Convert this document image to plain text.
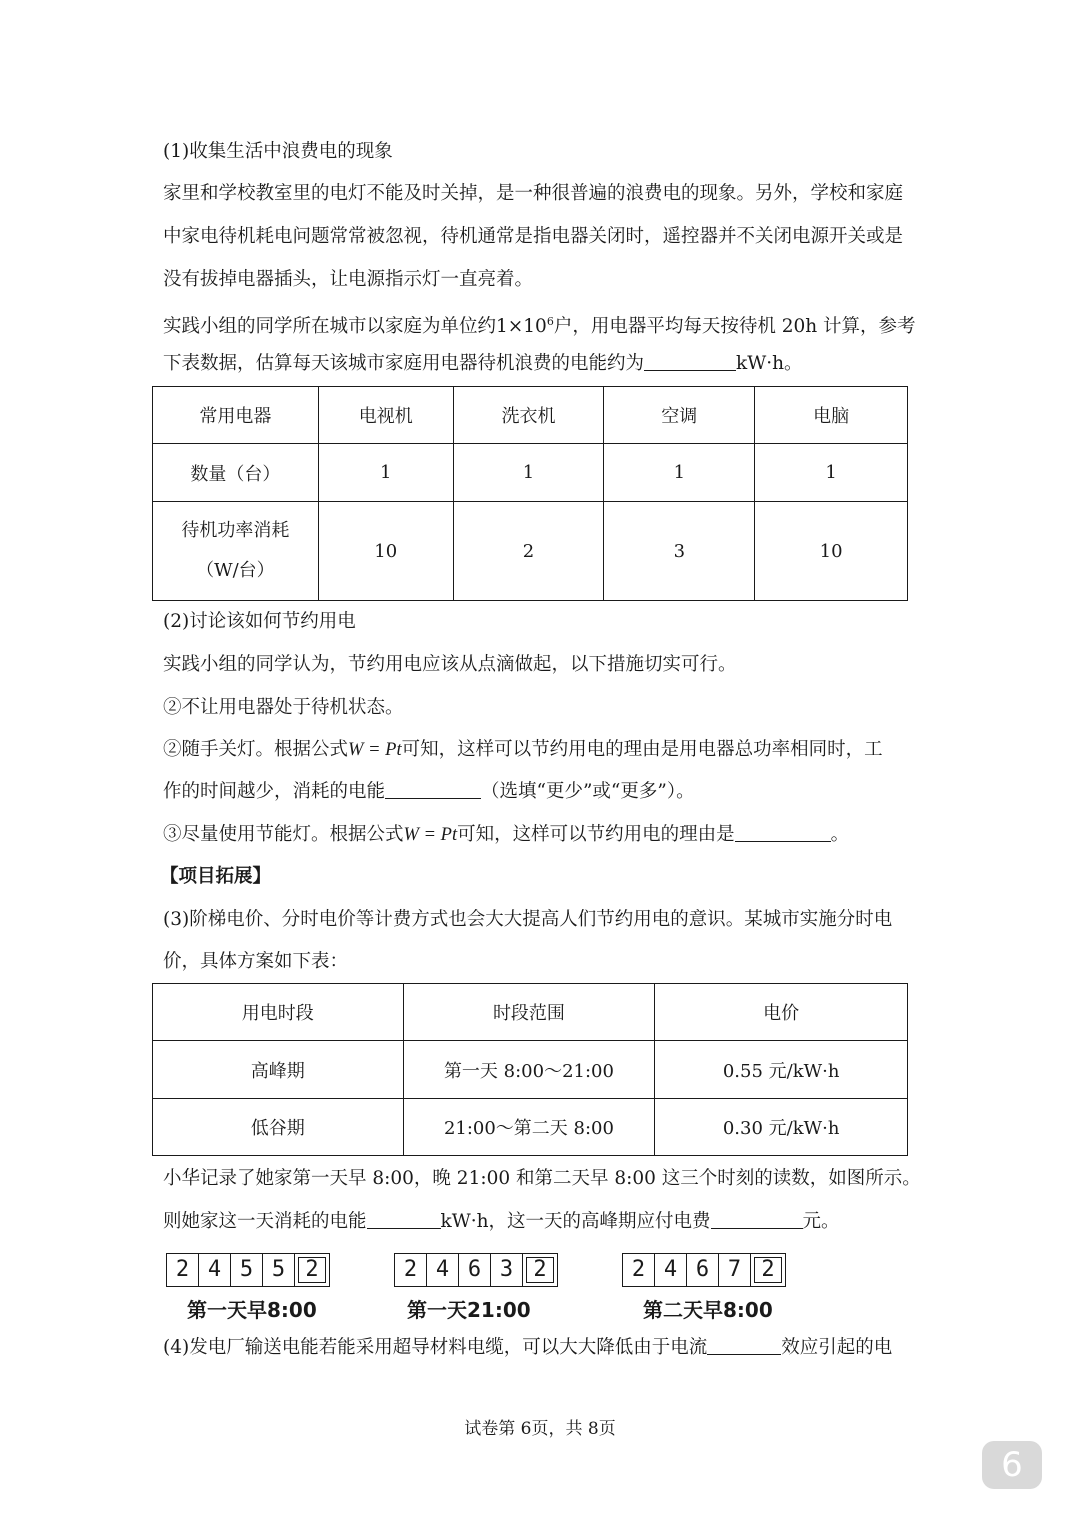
(1)收集生活中浪费电的现象
家里和学校教室里的电灯不能及时关掉，是一种很普遍的浪费电的现象。另外，学校和家庭
中家电待机耗电问题常常被忽视，待机通常是指电器关闭时，遥控器并不关闭电源开关或是
没有拔掉电器插头，让电源指示灯一直亮着。
实践小组的同学所在城市以家庭为单位约$1\times 10^6$户，用电器平均每天按待机 20h 计算，参考
下表数据，估算每天该城市家庭用电器待机浪费的电能约为	kW·h。
常用电器	电视机	洗衣机	空调	电脑
数量（台）	1	1	1	1

待机功率消耗
（W/台）	10	2	3	10
(2)讨论该如何节约用电
实践小组的同学认为，节约用电应该从点滴做起，以下措施切实可行。
②不让用电器处于待机状态。
②随手关灯。根据公式W = Pt可知，这样可以节约用电的理由是用电器总功率相同时，工
作的时间越少，消耗的电能	（选填“更少”或“更多”）。
③尽量使用节能灯。根据公式W = Pt可知，这样可以节约用电的理由是	。
【项目拓展】
(3)阶梯电价、分时电价等计费方式也会大大提高人们节约用电的意识。某城市实施分时电
价，具体方案如下表：
用电时段	时段范围	电价
高峰期	第一天 8:00～21:00	0.55 元/kW·h
低谷期	21:00～第二天 8:00	0.30 元/kW·h
小华记录了她家第一天早 8:00，晚 21:00 和第二天早 8:00 这三个时刻的读数，如图所示。
则她家这一天消耗的电能	kW·h，这一天的高峰期应付电费	元。
2 4 5 5 2
第一天早8:00
2 4 6 3 2
第一天21:00
2 4 6 7 2
第二天早8:00
(4)发电厂输送电能若能采用超导材料电缆，可以大大降低由于电流	效应引起的电
试卷第 6页，共 8页
6
